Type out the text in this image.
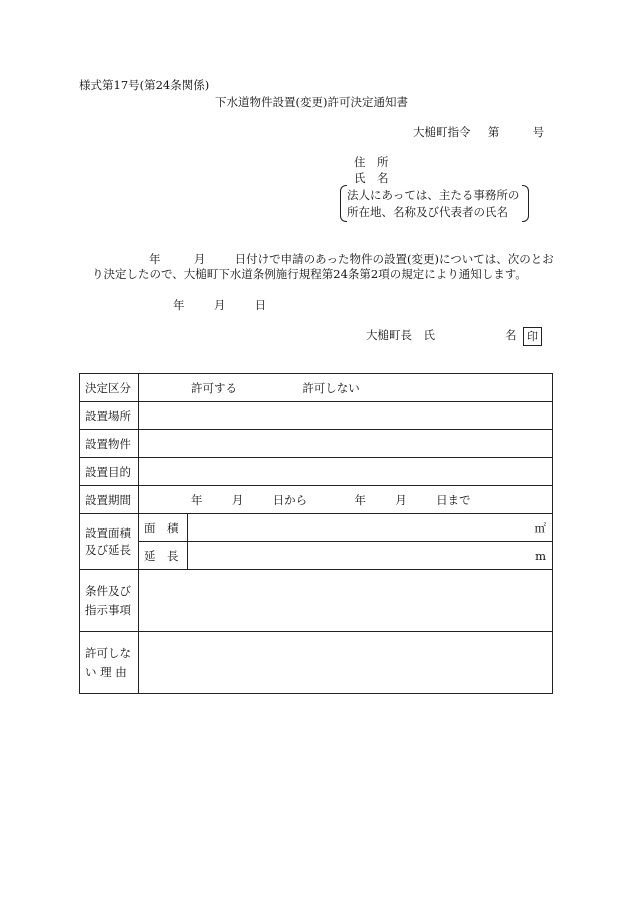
様式第17号(第24条関係)
下水道物件設置(変更)許可決定通知書
大槌町指令 第	号
住　所
氏　名
法人にあっては、主たる事務所の
所在地、名称及び代表者の氏名
年	月	日付けで申請のあった物件の設置(変更)については、次のとお
り決定したので、大槌町下水道条例施行規程第24条第2項の規定により通知します。
年	月	日
大槌町長　氏	名 印
決定区分	許可する 許可しない	
設置場所		
設置物件		
設置目的		
設置期間	年 月 日から 年 月 日まで	

設置面積
及び延長	面　積	㎡
	延　長	m

条件及び
指示事項		

許可しな
い 理 由		
